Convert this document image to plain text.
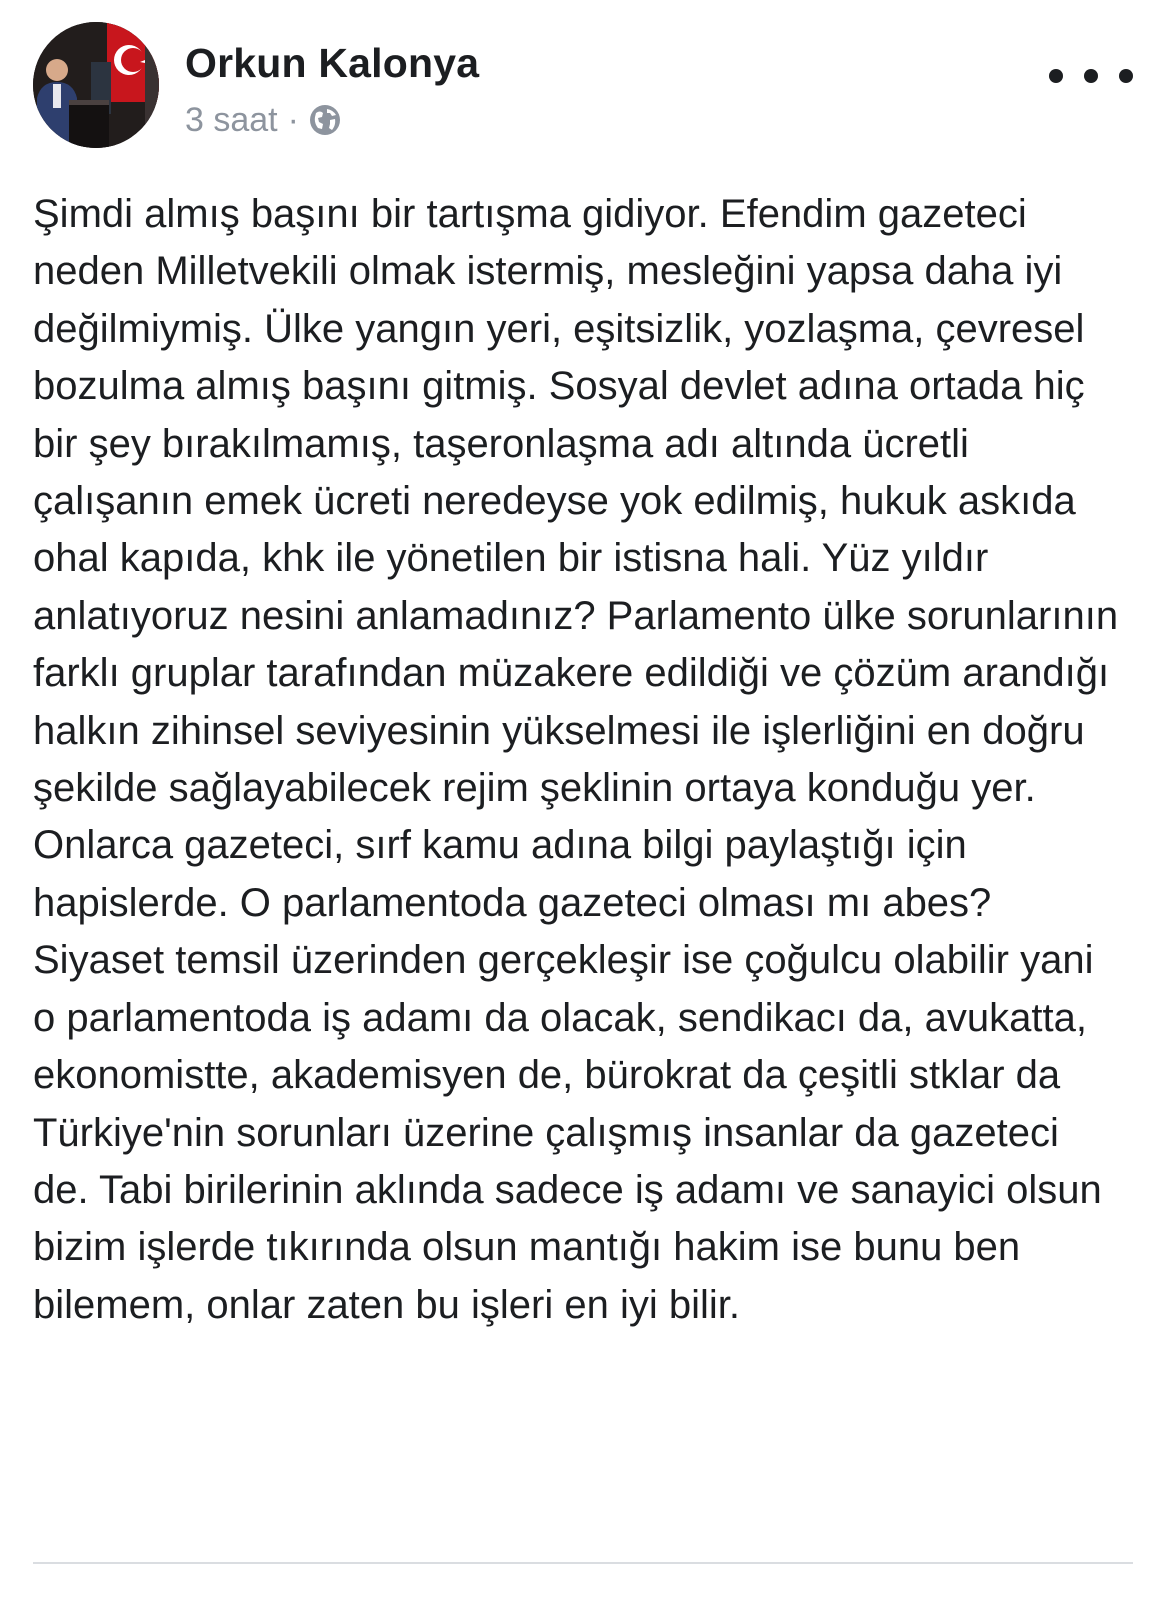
Orkun Kalonya
3 saat ·

Şimdi almış başını bir tartışma gidiyor. Efendim gazeteci neden Milletvekili olmak istermiş, mesleğini yapsa daha iyi değilmiymiş. Ülke yangın yeri, eşitsizlik, yozlaşma, çevresel bozulma almış başını gitmiş. Sosyal devlet adına ortada hiç bir şey bırakılmamış, taşeronlaşma adı altında ücretli çalışanın emek ücreti neredeyse yok edilmiş, hukuk askıda ohal kapıda, khk ile yönetilen bir istisna hali. Yüz yıldır anlatıyoruz nesini anlamadınız? Parlamento ülke sorunlarının farklı gruplar tarafından müzakere edildiği ve çözüm arandığı halkın zihinsel seviyesinin yükselmesi ile işlerliğini en doğru şekilde sağlayabilecek rejim şeklinin ortaya konduğu yer. Onlarca gazeteci, sırf kamu adına bilgi paylaştığı için hapislerde. O parlamentoda gazeteci olması mı abes? Siyaset temsil üzerinden gerçekleşir ise çoğulcu olabilir yani o parlamentoda iş adamı da olacak, sendikacı da, avukatta, ekonomistte, akademisyen de, bürokrat da çeşitli stklar da Türkiye'nin sorunları üzerine çalışmış insanlar da gazeteci de. Tabi birilerinin aklında sadece iş adamı ve sanayici olsun bizim işlerde tıkırında olsun mantığı hakim ise bunu ben bilemem, onlar zaten bu işleri en iyi bilir.
